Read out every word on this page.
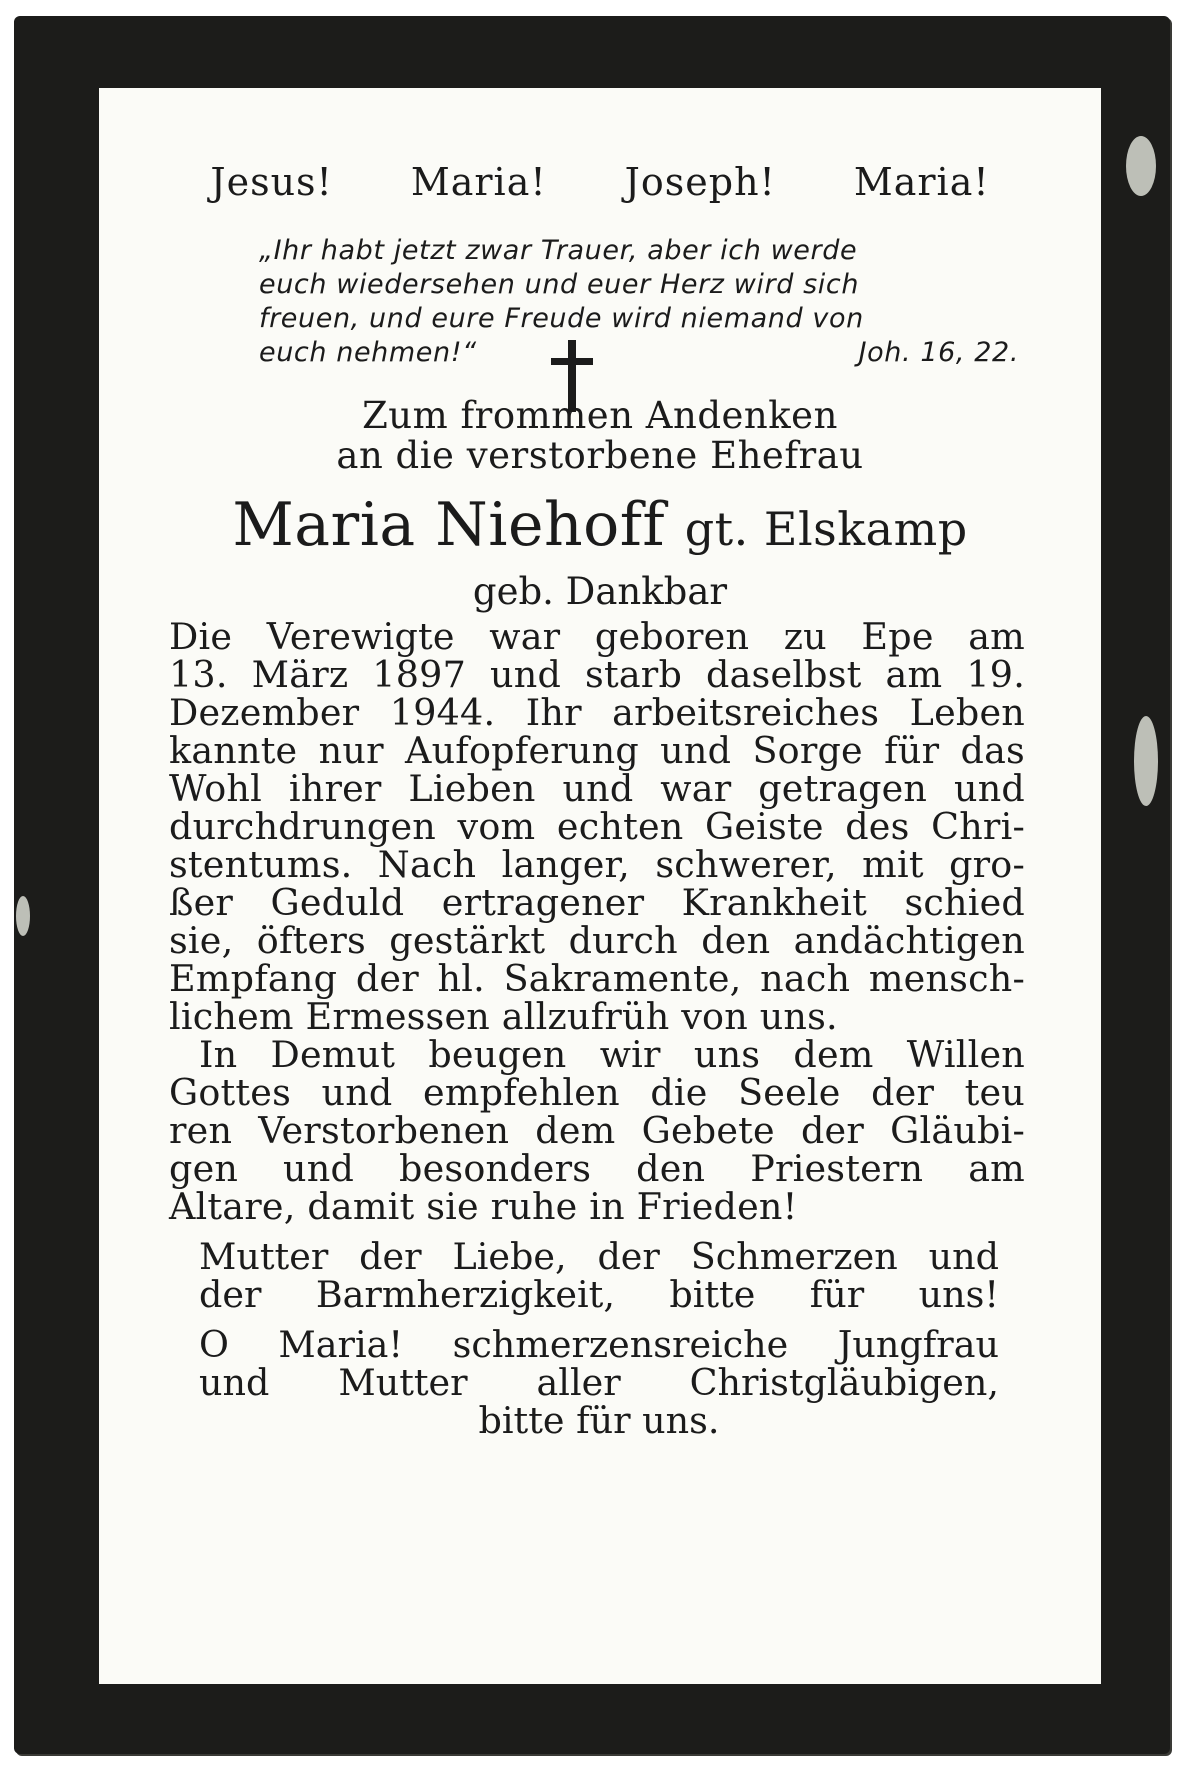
Jesus! Maria! Joseph! Maria!
„Ihr habt jetzt zwar Trauer, aber ich werde
euch wiedersehen und euer Herz wird sich
freuen, und eure Freude wird niemand von
euch nehmen!“	Joh. 16, 22.
Zum frommen Andenken
an die verstorbene Ehefrau
Maria Niehoff gt. Elskamp
geb. Dankbar
Die Verewigte war geboren zu Epe am
13. März 1897 und starb daselbst am 19.
Dezember 1944. Ihr arbeitsreiches Leben
kannte nur Aufopferung und Sorge für das
Wohl ihrer Lieben und war getragen und
durchdrungen vom echten Geiste des Chri-
stentums. Nach langer, schwerer, mit gro-
ßer Geduld ertragener Krankheit schied
sie, öfters gestärkt durch den andächtigen
Empfang der hl. Sakramente, nach mensch-
lichem Ermessen allzufrüh von uns.
In Demut beugen wir uns dem Willen
Gottes und empfehlen die Seele der teu
ren Verstorbenen dem Gebete der Gläubi-
gen und besonders den Priestern am
Altare, damit sie ruhe in Frieden!
Mutter der Liebe, der Schmerzen und
der Barmherzigkeit, bitte für uns!
O Maria! schmerzensreiche Jungfrau
und Mutter aller Christgläubigen,
bitte für uns.
